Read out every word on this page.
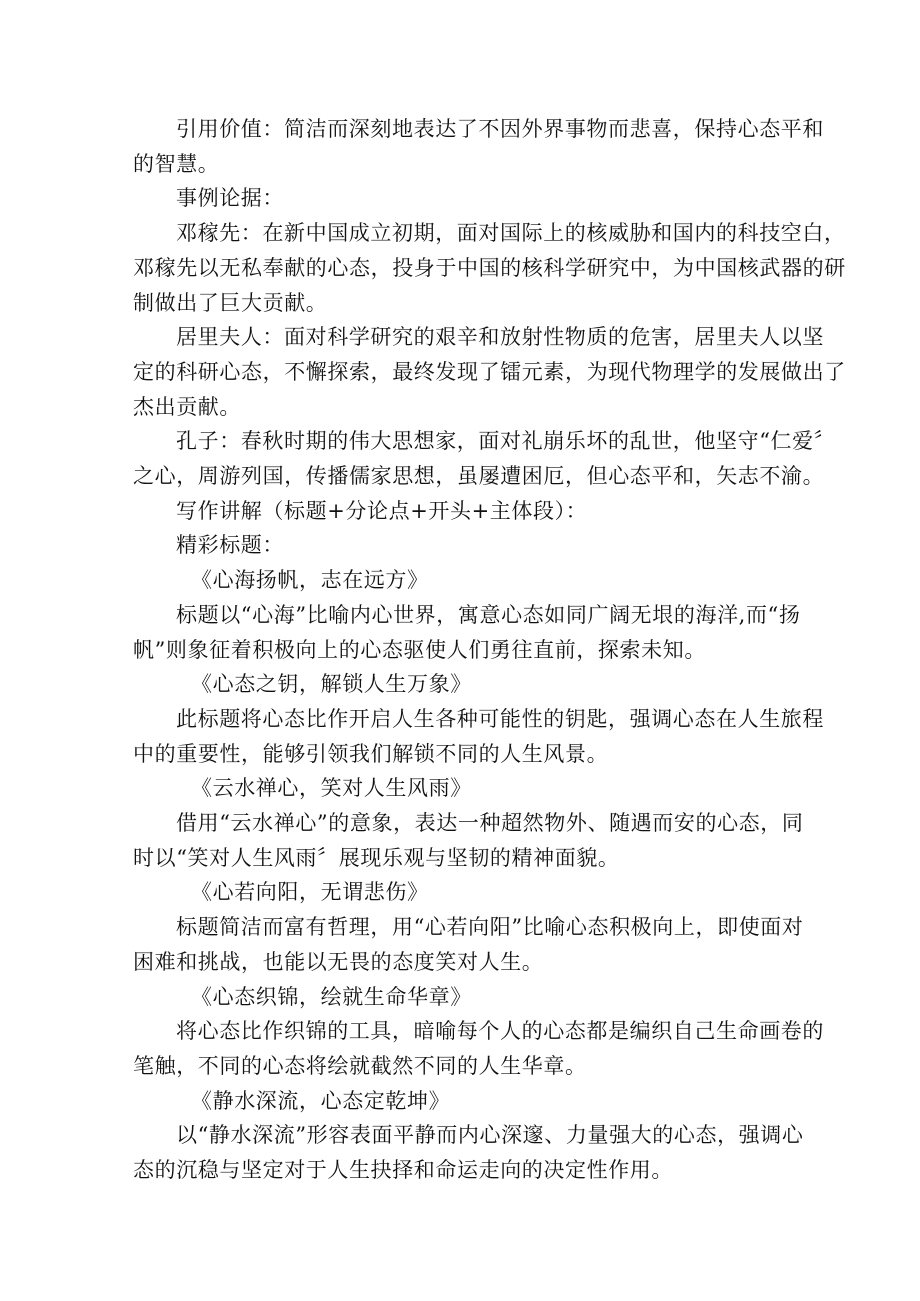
引用价值：简洁而深刻地表达了不因外界事物而悲喜，保持心态平和

的智慧。

事例论据：

邓稼先：在新中国成立初期，面对国际上的核威胁和国内的科技空白，

邓稼先以无私奉献的心态，投身于中国的核科学研究中，为中国核武器的研

制做出了巨大贡献。

居里夫人：面对科学研究的艰辛和放射性物质的危害，居里夫人以坚

定的科研心态，不懈探索，最终发现了镭元素，为现代物理学的发展做出了

杰出贡献。

孔子：春秋时期的伟大思想家，面对礼崩乐坏的乱世，他坚守“仁爱〞

之心，周游列国，传播儒家思想，虽屡遭困厄，但心态平和，矢志不渝。

写作讲解（标题+分论点+开头+主体段）：

精彩标题：

《心海扬帆，志在远方》

标题以“心海”比喻内心世界，寓意心态如同广阔无垠的海洋,而“扬

帆”则象征着积极向上的心态驱使人们勇往直前，探索未知。

《心态之钥，解锁人生万象》

此标题将心态比作开启人生各种可能性的钥匙，强调心态在人生旅程

中的重要性，能够引领我们解锁不同的人生风景。

《云水禅心，笑对人生风雨》

借用“云水禅心”的意象，表达一种超然物外、随遇而安的心态，同

时以“笑对人生风雨〞展现乐观与坚韧的精神面貌。

《心若向阳，无谓悲伤》

标题简洁而富有哲理，用“心若向阳”比喻心态积极向上，即使面对

困难和挑战，也能以无畏的态度笑对人生。

《心态织锦，绘就生命华章》

将心态比作织锦的工具，暗喻每个人的心态都是编织自己生命画卷的

笔触，不同的心态将绘就截然不同的人生华章。

《静水深流，心态定乾坤》

以“静水深流”形容表面平静而内心深邃、力量强大的心态，强调心

态的沉稳与坚定对于人生抉择和命运走向的决定性作用。
